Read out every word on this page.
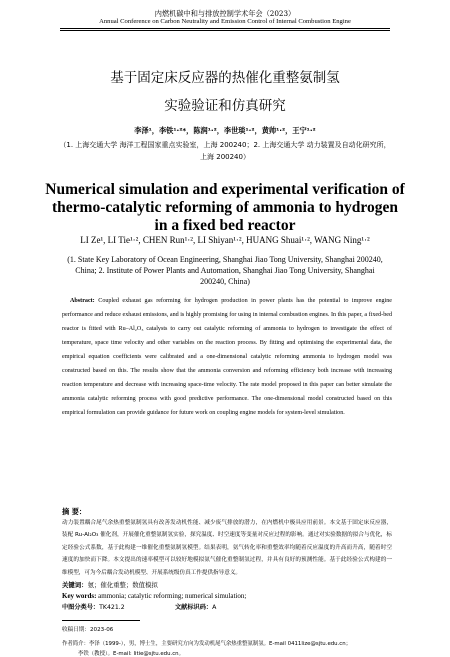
内燃机碳中和与排放控制学术年会（2023）
Annual Conference on Carbon Neutrality and Emission Control of Internal Combustion Engine
基于固定床反应器的热催化重整氨制氢
实验验证和仿真研究
李泽¹，李铁¹·²*，陈润¹·²，李世琰¹·²，黄帅¹·²，王宁¹·²
（1. 上海交通大学 海洋工程国家重点实验室，上海 200240；2. 上海交通大学 动力装置及自动化研究所，
上海 200240）
Numerical simulation and experimental verification of
thermo-catalytic reforming of ammonia to hydrogen
in a fixed bed reactor
LI Ze¹, LI Tie¹·², CHEN Run¹·², LI Shiyan¹·², HUANG Shuai¹·², WANG Ning¹·²
(1. State Key Laboratory of Ocean Engineering, Shanghai Jiao Tong University, Shanghai 200240,
China; 2. Institute of Power Plants and Automation, Shanghai Jiao Tong University, Shanghai
200240, China)
Abstract: Coupled exhaust gas reforming for hydrogen production in power plants has the potential to improve engine performance and reduce exhaust emissions, and is highly promising for using in internal combustion engines. In this paper, a fixed-bed reactor is fitted with Ru–Al₂O₃ catalysts to carry out catalytic reforming of ammonia to hydrogen to investigate the effect of temperature, space time velocity and other variables on the reaction process. By fitting and optimising the experimental data, the empirical equation coefficients were calibrated and a one-dimensional catalytic reforming ammonia to hydrogen model was constructed based on this. The results show that the ammonia conversion and reforming efficiency both increase with increasing reaction temperature and decrease with increasing space-time velocity. The rate model proposed in this paper can better simulate the ammonia catalytic reforming process with good predictive performance. The one-dimensional model constructed based on this empirical formulation can provide guidance for future work on coupling engine models for system-level simulation.
摘 要：
动力装置耦合尾气余热重整氨制氢具有改善发动机性能、减少废气排放的潜力，在内燃机中极具应用前景。本文基于固定床反应器，装配 Ru-Al₂O₃ 催化剂，开展催化重整氨制氢实验，探究温度、时空速度等变量对反应过程的影响。通过对实验数据的拟合与优化，标定经验公式系数，基于此构建一维催化重整氨制氢模型。结果表明，氨气转化率和重整效率均随着反应温度的升高而升高，随着时空速度的加快而下降。本文提出的速率模型可以较好地模拟氨气催化重整制氢过程，并具有良好的预测性能。基于此经验公式构建的一维模型，可为今后耦合发动机模型、开展系统级仿真工作提供指导意义。
关键词：氨；催化重整；数值模拟
Key words: ammonia; catalytic reforming; numerical simulation;
中图分类号：TK421.2	文献标识码：A
收稿日期：2023-06
作者简介：李泽（1999-），男，博士生，主要研究方向为发动机尾气余热重整氨制氢。E-mail 0411lize@sjtu.edu.cn；
李铁（教授）。E-mail: litie@sjtu.edu.cn。
